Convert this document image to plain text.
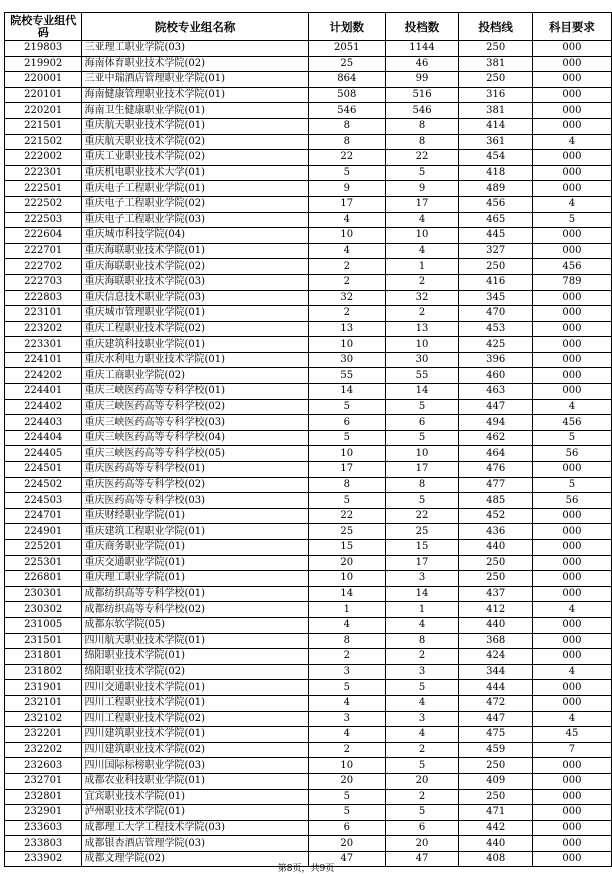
院校专业组代码	院校专业组名称	计划数	投档数	投档线	科目要求
219803	三亚理工职业学院(03)	2051	1144	250	000
219902	海南体育职业技术学院(02)	25	46	381	000
220001	三亚中瑞酒店管理职业学院(01)	864	99	250	000
220101	海南健康管理职业技术学院(01)	508	516	316	000
220201	海南卫生健康职业学院(01)	546	546	381	000
221501	重庆航天职业技术学院(01)	8	8	414	000
221502	重庆航天职业技术学院(02)	8	8	361	4
222002	重庆工业职业技术学院(02)	22	22	454	000
222301	重庆机电职业技术大学(01)	5	5	418	000
222501	重庆电子工程职业学院(01)	9	9	489	000
222502	重庆电子工程职业学院(02)	17	17	456	4
222503	重庆电子工程职业学院(03)	4	4	465	5
222604	重庆城市科技学院(04)	10	10	445	000
222701	重庆海联职业技术学院(01)	4	4	327	000
222702	重庆海联职业技术学院(02)	2	1	250	456
222703	重庆海联职业技术学院(03)	2	2	416	789
222803	重庆信息技术职业学院(03)	32	32	345	000
223101	重庆城市管理职业学院(01)	2	2	470	000
223202	重庆工程职业技术学院(02)	13	13	453	000
223301	重庆建筑科技职业学院(01)	10	10	425	000
224101	重庆水利电力职业技术学院(01)	30	30	396	000
224202	重庆工商职业学院(02)	55	55	460	000
224401	重庆三峡医药高等专科学校(01)	14	14	463	000
224402	重庆三峡医药高等专科学校(02)	5	5	447	4
224403	重庆三峡医药高等专科学校(03)	6	6	494	456
224404	重庆三峡医药高等专科学校(04)	5	5	462	5
224405	重庆三峡医药高等专科学校(05)	10	10	464	56
224501	重庆医药高等专科学校(01)	17	17	476	000
224502	重庆医药高等专科学校(02)	8	8	477	5
224503	重庆医药高等专科学校(03)	5	5	485	56
224701	重庆财经职业学院(01)	22	22	452	000
224901	重庆建筑工程职业学院(01)	25	25	436	000
225201	重庆商务职业学院(01)	15	15	440	000
225301	重庆交通职业学院(01)	20	17	250	000
226801	重庆理工职业学院(01)	10	3	250	000
230301	成都纺织高等专科学校(01)	14	14	437	000
230302	成都纺织高等专科学校(02)	1	1	412	4
231005	成都东软学院(05)	4	4	440	000
231501	四川航天职业技术学院(01)	8	8	368	000
231801	绵阳职业技术学院(01)	2	2	424	000
231802	绵阳职业技术学院(02)	3	3	344	4
231901	四川交通职业技术学院(01)	5	5	444	000
232101	四川工程职业技术学院(01)	4	4	472	000
232102	四川工程职业技术学院(02)	3	3	447	4
232201	四川建筑职业技术学院(01)	4	4	475	45
232202	四川建筑职业技术学院(02)	2	2	459	7
232603	四川国际标榜职业学院(03)	10	5	250	000
232701	成都农业科技职业学院(01)	20	20	409	000
232801	宜宾职业技术学院(01)	5	2	250	000
232901	泸州职业技术学院(01)	5	5	471	000
233603	成都理工大学工程技术学院(03)	6	6	442	000
233803	成都银杏酒店管理学院(03)	20	20	440	000
233902	成都文理学院(02)	47	47	408	000
第8页，共9页
